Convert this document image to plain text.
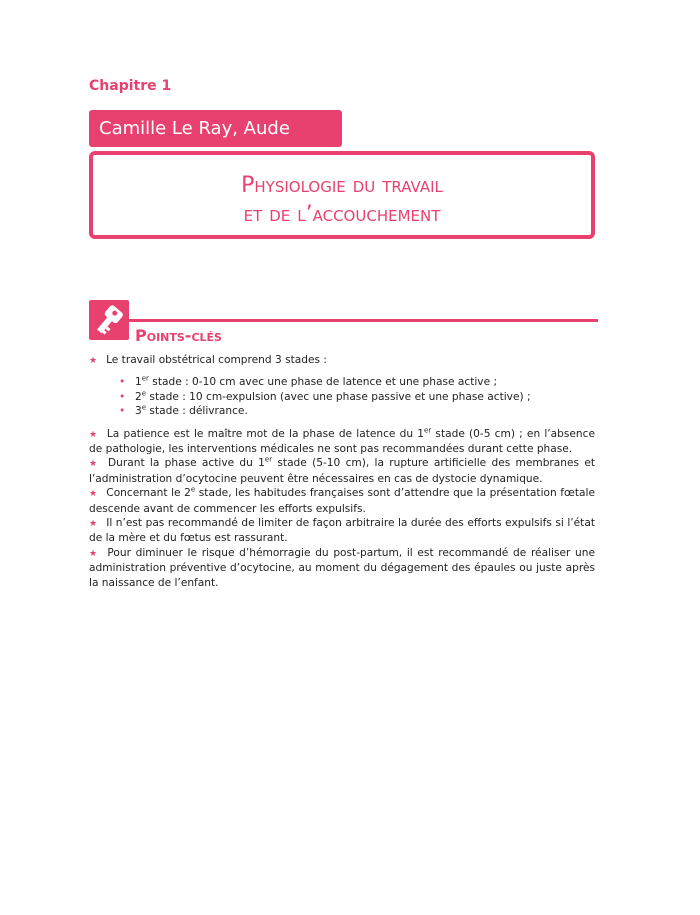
Chapitre 1
Camille Le Ray, Aude Girault
Physiologie du travail
et de l’accouchement
Points-clés
★ Le travail obstétrical comprend 3 stades :
• 1er stade : 0-10 cm avec une phase de latence et une phase active ;
• 2e stade : 10 cm-expulsion (avec une phase passive et une phase active) ;
• 3e stade : délivrance.
★ La patience est le maître mot de la phase de latence du 1er stade (0-5 cm) ; en l’absence de pathologie, les interventions médicales ne sont pas recommandées durant cette phase.
★ Durant la phase active du 1er stade (5-10 cm), la rupture artificielle des membranes et l’administration d’ocytocine peuvent être nécessaires en cas de dystocie dynamique.
★ Concernant le 2e stade, les habitudes françaises sont d’attendre que la présentation fœtale descende avant de commencer les efforts expulsifs.
★ Il n’est pas recommandé de limiter de façon arbitraire la durée des efforts expulsifs si l’état de la mère et du fœtus est rassurant.
★ Pour diminuer le risque d’hémorragie du post-partum, il est recommandé de réaliser une administration préventive d’ocytocine, au moment du dégagement des épaules ou juste après la naissance de l’enfant.
